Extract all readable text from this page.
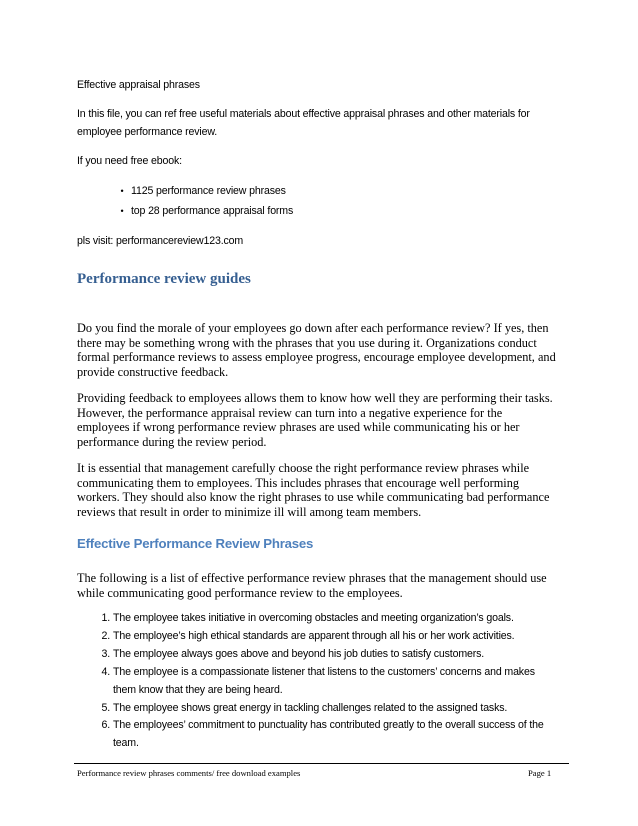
Effective appraisal phrases
In this file, you can ref free useful materials about effective appraisal phrases and other materials for
employee performance review.
If you need free ebook:
• 1125 performance review phrases
• top 28 performance appraisal forms
pls visit: performancereview123.com
Performance review guides
Do you find the morale of your employees go down after each performance review? If yes, then
there may be something wrong with the phrases that you use during it. Organizations conduct
formal performance reviews to assess employee progress, encourage employee development, and
provide constructive feedback.
Providing feedback to employees allows them to know how well they are performing their tasks.
However, the performance appraisal review can turn into a negative experience for the
employees if wrong performance review phrases are used while communicating his or her
performance during the review period.
It is essential that management carefully choose the right performance review phrases while
communicating them to employees. This includes phrases that encourage well performing
workers. They should also know the right phrases to use while communicating bad performance
reviews that result in order to minimize ill will among team members.
Effective Performance Review Phrases
The following is a list of effective performance review phrases that the management should use
while communicating good performance review to the employees.
1. The employee takes initiative in overcoming obstacles and meeting organization’s goals.
2. The employee’s high ethical standards are apparent through all his or her work activities.
3. The employee always goes above and beyond his job duties to satisfy customers.
4. The employee is a compassionate listener that listens to the customers’ concerns and makes
them know that they are being heard.
5. The employee shows great energy in tackling challenges related to the assigned tasks.
6. The employees’ commitment to punctuality has contributed greatly to the overall success of the
team.
Performance review phrases comments/ free download examples	Page 1
